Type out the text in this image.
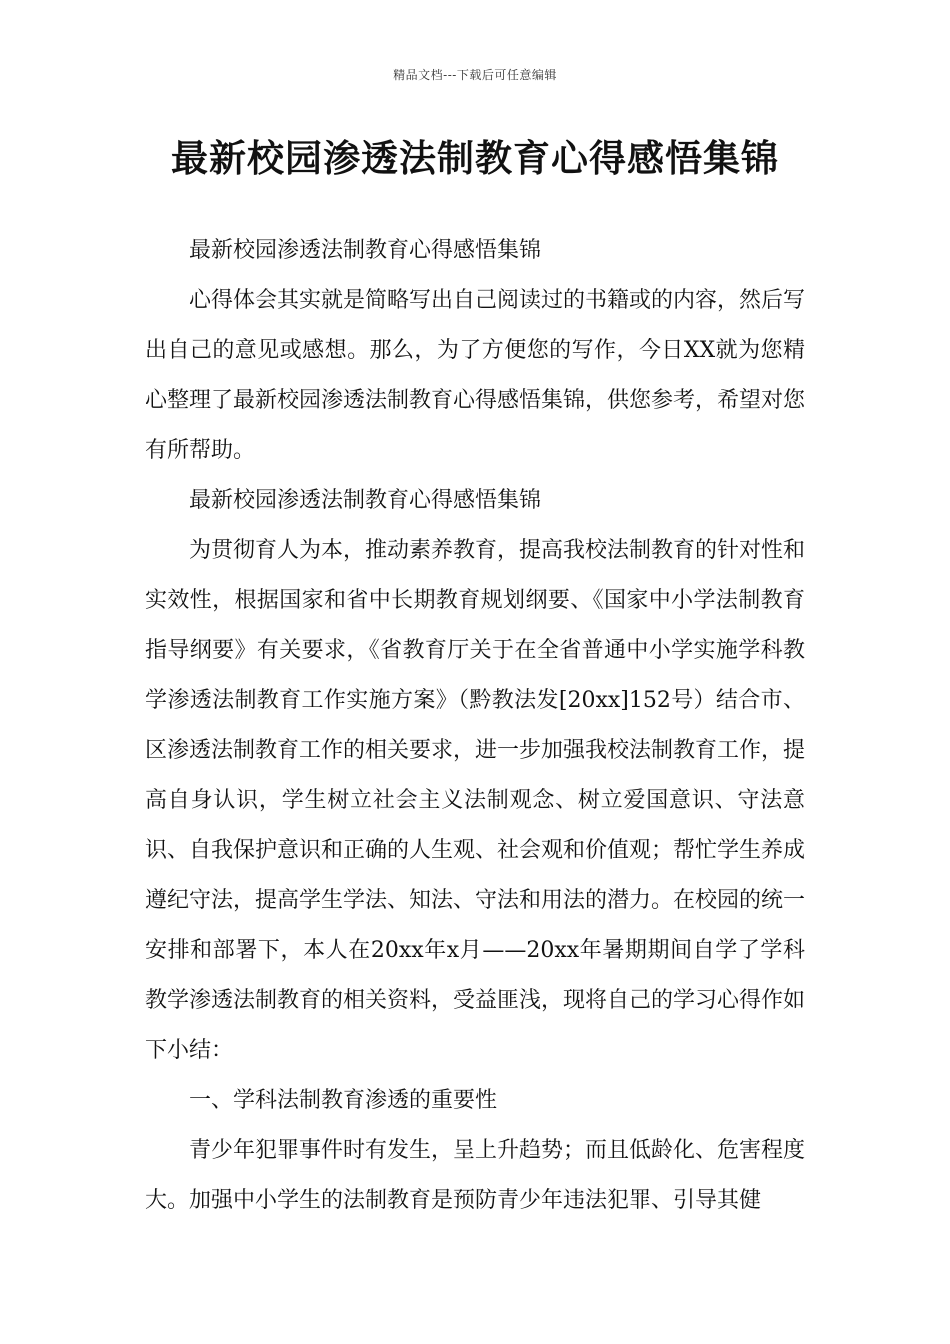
精品文档---下载后可任意编辑
最新校园渗透法制教育心得感悟集锦

最新校园渗透法制教育心得感悟集锦

心得体会其实就是简略写出自己阅读过的书籍或的内容，然后写出自己的意见或感想。那么，为了方便您的写作，今日XX就为您精心整理了最新校园渗透法制教育心得感悟集锦，供您参考，希望对您有所帮助。

最新校园渗透法制教育心得感悟集锦

为贯彻育人为本，推动素养教育，提高我校法制教育的针对性和实效性，根据国家和省中长期教育规划纲要、《国家中小学法制教育指导纲要》有关要求，《省教育厅关于在全省普通中小学实施学科教学渗透法制教育工作实施方案》（黔教法发[20xx]152号）结合市、区渗透法制教育工作的相关要求，进一步加强我校法制教育工作，提高自身认识，学生树立社会主义法制观念、树立爱国意识、守法意识、自我保护意识和正确的人生观、社会观和价值观；帮忙学生养成遵纪守法，提高学生学法、知法、守法和用法的潜力。在校园的统一安排和部署下，本人在20xx年x月——20xx年暑期期间自学了学科教学渗透法制教育的相关资料，受益匪浅，现将自己的学习心得作如下小结：

一、学科法制教育渗透的重要性

青少年犯罪事件时有发生，呈上升趋势；而且低龄化、危害程度大。加强中小学生的法制教育是预防青少年违法犯罪、引导其健
